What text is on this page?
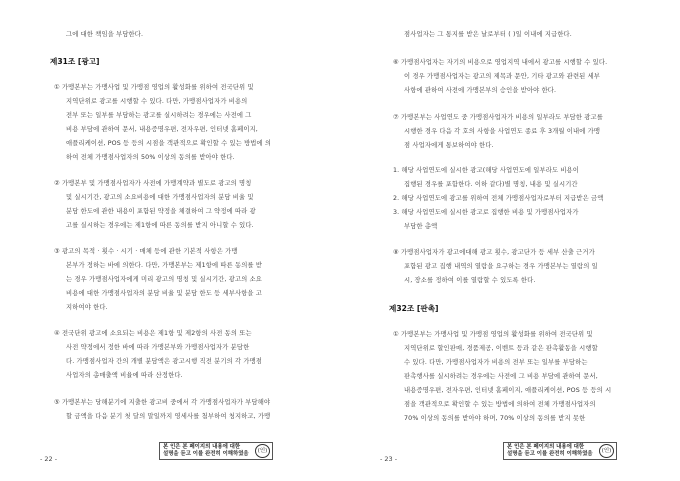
그에 대한 책임을 부담한다.
제31조 [광고]
① 가맹본부는 가맹사업 및 가맹점 영업의 활성화를 위하여 전국단위 및
지역단위로 광고를 시행할 수 있다. 다만, 가맹점사업자가 비용의
전부 또는 일부를 부담하는 광고를 실시하려는 경우에는 사전에 그
비용 부담에 관하여 문서, 내용증명우편, 전자우편, 인터넷 홈페이지,
애플리케이션, POS 등 등의 시점을 객관적으로 확인할 수 있는 방법에 의
하여 전체 가맹점사업자의 50% 이상의 동의를 받아야 한다.
② 가맹본부 및 가맹점사업자가 사전에 가맹계약과 별도로 광고의 명칭
및 실시기간, 광고의 소요비용에 대한 가맹점사업자의 분담 비율 및
분담 한도에 관한 내용이 포함된 약정을 체결하여 그 약정에 따라 광
고를 실시하는 경우에는 제1항에 따른 동의를 받지 아니할 수 있다.
③ 광고의 목적 · 횟수 · 시기 · 매체 등에 관한 기본적 사항은 가맹
본부가 정하는 바에 의한다. 다만, 가맹본부는 제1항에 따른 동의를 받
는 경우 가맹점사업자에게 미리 광고의 명칭 및 실시기간, 광고의 소요
비용에 대한 가맹점사업자의 분담 비율 및 분담 한도 등 세부사항을 고
지하여야 한다.
④ 전국단위 광고에 소요되는 비용은 제1항 및 제2항의 사전 동의 또는
사전 약정에서 정한 바에 따라 가맹본부와 가맹점사업자가 분담한
다. 가맹점사업자 간의 개별 분담액은 광고시행 직전 분기의 각 가맹점
사업자의 총매출액 비율에 따라 산정한다.
⑤ 가맹본부는 당해분기에 지출한 광고비 중에서 각 가맹점사업자가 부담해야
할 금액을 다음 분기 첫 달의 말일까지 영세사를 첨부하여 청지하고, 가맹
- 22 -
본 인은 본 페이지의 내용에 대한
설명을 듣고 이를 완전히 이해하였음	(인)
점사업자는 그 통지를 받은 날로부터 ( )일 이내에 지급한다.
⑥ 가맹점사업자는 자기의 비용으로 영업지역 내에서 광고를 시행할 수 있다.
이 경우 가맹점사업자는 광고의 제목과 문안, 기타 광고와 관련된 세부
사항에 관하여 사전에 가맹본부의 승인을 받아야 한다.
⑦ 가맹본부는 사업연도 중 가맹점사업자가 비용의 일부라도 부담한 광고를
시행한 경우 다음 각 호의 사항을 사업연도 종료 후 3개월 이내에 가맹
점 사업자에게 통보하여야 한다.
1. 해당 사업연도에 실시한 광고(해당 사업연도에 일부라도 비용이
집행된 경우를 포함한다. 이하 같다)별 명칭, 내용 및 실시기간
2. 해당 사업연도에 광고를 위하여 전체 가맹점사업자로부터 지급받은 금액
3. 해당 사업연도에 실시한 광고로 집행한 비용 및 가맹점사업자가
부담한 총액
⑧ 가맹점사업자가 광고에대해 광고 횟수, 광고단가 등 세부 산출 근거가
포함된 광고 집행 내역의 열람을 요구하는 경우 가맹본부는 열람의 일
시, 장소를 정하여 이를 열람할 수 있도록 한다.
제32조 [판촉]
① 가맹본부는 가맹사업 및 가맹점 영업의 활성화를 위하여 전국단위 및
지역단위로 할인판매, 경품제공, 이벤트 등과 같은 판촉활동을 시행할
수 있다. 다만, 가맹점사업자가 비용의 전부 또는 일부를 부담하는
판촉행사를 실시하려는 경우에는 사전에 그 비용 부담에 관하여 문서,
내용증명우편, 전자우편, 인터넷 홈페이지, 애플리케이션, POS 등 등의 시
점을 객관적으로 확인할 수 있는 방법에 의하여 전체 가맹점사업자의
70% 이상의 동의를 받아야 하며, 70% 이상의 동의를 받지 못한
- 23 -
본 인은 본 페이지의 내용에 대한
설명을 듣고 이를 완전히 이해하였음	(인)
